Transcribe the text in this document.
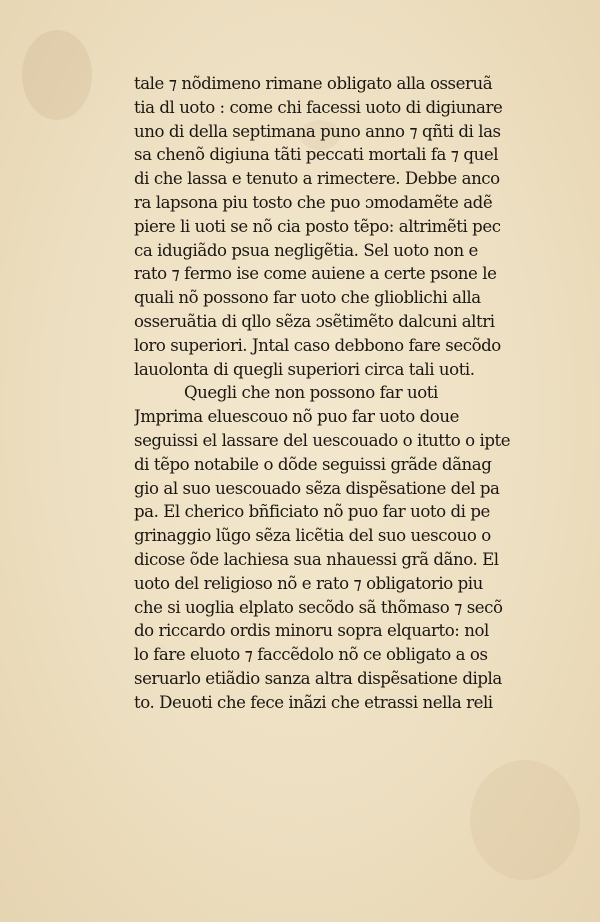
tale ⁊ nõdimeno rimane obligato alla osseruã
tia dl uoto : come chi facessi uoto di digiunare
uno di della septimana puno anno ⁊ qñti di las
sa chenõ digiuna tãti peccati mortali fa ⁊ quel
di che lassa e tenuto a rimectere. Debbe anco
ra lapsona piu tosto che puo ɔmodamẽte adẽ
piere li uoti se nõ cia posto tẽpo: altrimẽti pec
ca idugiãdo psua negligẽtia. Sel uoto non e
rato ⁊ fermo ise come auiene a certe psone le
quali nõ possono far uoto che glioblichi alla
osseruãtia di qllo sẽza ɔsẽtimẽto dalcuni altri
loro superiori. Jntal caso debbono fare secõdo
lauolonta di quegli superiori circa tali uoti.
Quegli che non possono far uoti
Jmprima eluescouo nõ puo far uoto doue
seguissi el lassare del uescouado o itutto o ipte
di tẽpo notabile o dõde seguissi grãde dãnag
gio al suo uescouado sẽza dispẽsatione del pa
pa. El cherico bñficiato nõ puo far uoto di pe
grinaggio lũgo sẽza licẽtia del suo uescouo o
dicose õde lachiesa sua nhauessi grã dãno. El
uoto del religioso nõ e rato ⁊ obligatorio piu
che si uoglia elplato secõdo sã thõmaso ⁊ secõ
do riccardo ordis minoru sopra elquarto: nol
lo fare eluoto ⁊ faccẽdolo nõ ce obligato a os
seruarlo etiãdio sanza altra dispẽsatione dipla
to. Deuoti che fece inãzi che etrassi nella reli
